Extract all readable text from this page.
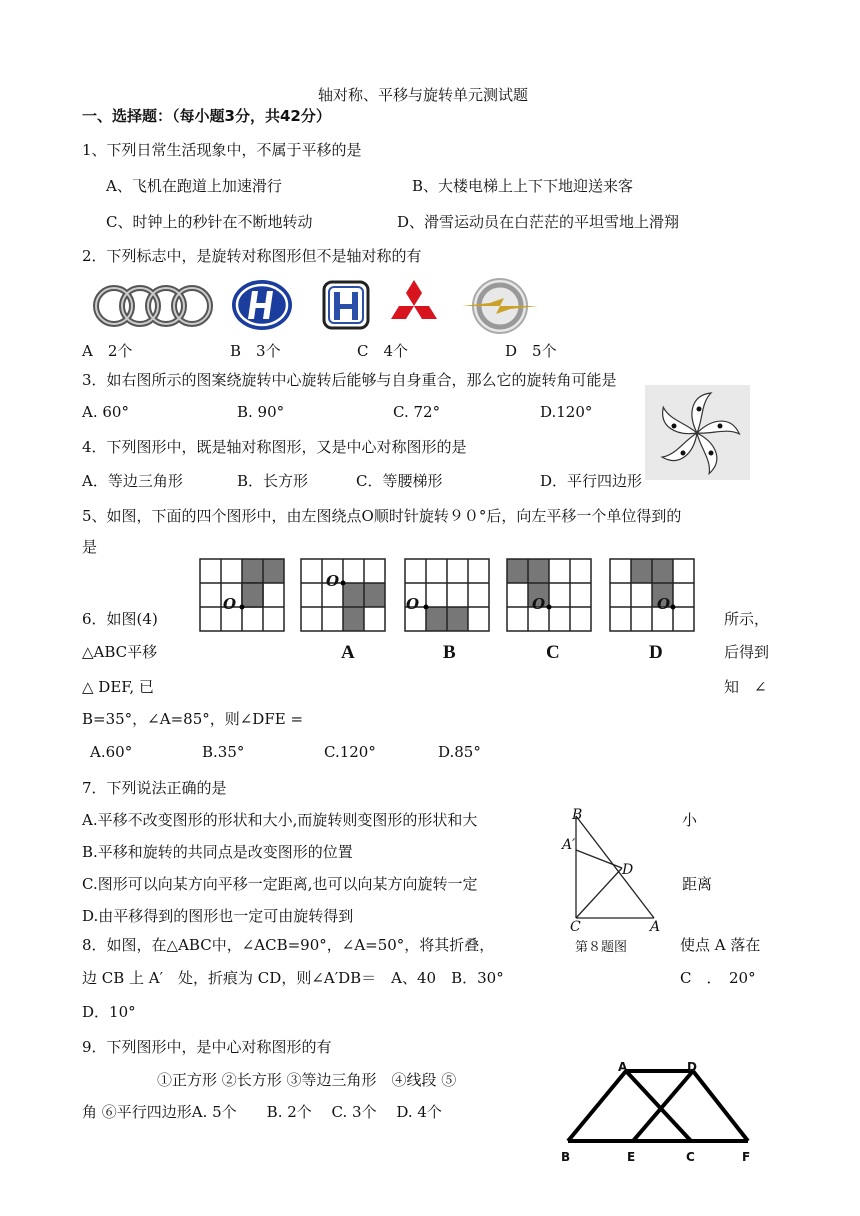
轴对称、平移与旋转单元测试题
一、选择题：（每小题3分，共42分）
1、下列日常生活现象中，不属于平移的是
A、飞机在跑道上加速滑行	B、大楼电梯上上下下地迎送来客
C、时钟上的秒针在不断地转动	D、滑雪运动员在白茫茫的平坦雪地上滑翔
2．下列标志中，是旋转对称图形但不是轴对称的有
A　2个	B　3个	C　4个	D　5个
3．如右图所示的图案绕旋转中心旋转后能够与自身重合，那么它的旋转角可能是
A. 60°	B. 90°	C. 72°	D.120°
4．下列图形中，既是轴对称图形，又是中心对称图形的是
A．等边三角形	B．长方形	C．等腰梯形	D．平行四边形
5、如图，下面的四个图形中，由左图绕点O顺时针旋转９０°后，向左平移一个单位得到的
是
O
O
A
O
B
O
C
O
D
6．如图(4)	所示，
△ABC平移	后得到
△ DEF, 已	知　∠
B=35°，∠A=85°，则∠DFE =
A.60°	B.35°	C.120°	D.85°
7．下列说法正确的是
A.平移不改变图形的形状和大小,而旋转则变图形的形状和大	小
B.平移和旋转的共同点是改变图形的位置
C.图形可以向某方向平移一定距离,也可以向某方向旋转一定	距离
D.由平移得到的图形也一定可由旋转得到
B
A′
D
C	A
第８题图
8．如图，在△ABC中，∠ACB=90°，∠A=50°，将其折叠，	使点 A 落在
边 CB 上 A′　处，折痕为 CD，则∠A′DB＝　A、40　B．30°	C　．　20°
D．10°
9．下列图形中，是中心对称图形的有
①正方形 ②长方形 ③等边三角形　④线段 ⑤
角 ⑥平行四边形A. 5个　　B. 2个　 C. 3个　 D. 4个
A	D
B	E	C	F
